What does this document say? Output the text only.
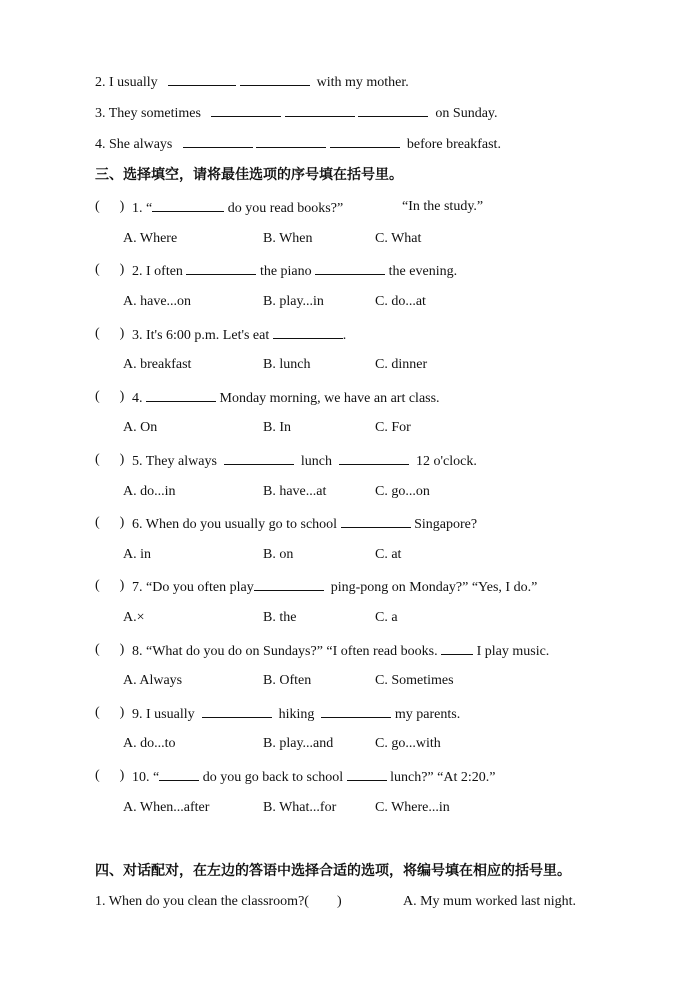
2. I usually	with my mother.
3. They sometimes	on Sunday.
4. She always	before breakfast.
三、选择填空，请将最佳选项的序号填在括号里。
( ) 1. “	do you read books?”	“In the study.”
A. Where	B. When	C. What
( ) 2. I often	the piano	the evening.
A. have...on	B. play...in	C. do...at
( ) 3. It's 6:00 p.m. Let's eat	.
A. breakfast	B. lunch	C. dinner
( ) 4.	Monday morning, we have an art class.
A. On	B. In	C. For
( ) 5. They always	lunch	12 o'clock.
A. do...in	B. have...at	C. go...on
( ) 6. When do you usually go to school	Singapore?
A. in	B. on	C. at
( ) 7. “Do you often play	ping-pong on Monday?” “Yes, I do.”
A.×	B. the	C. a
( ) 8. “What do you do on Sundays?” “I often read books.	I play music.
A. Always	B. Often	C. Sometimes
( ) 9. I usually	hiking	my parents.
A. do...to	B. play...and	C. go...with
( ) 10. “	do you go back to school	lunch?” “At 2:20.”
A. When...after	B. What...for	C. Where...in
四、对话配对，在左边的答语中选择合适的选项，将编号填在相应的括号里。
1. When do you clean the classroom?( )	A. My mum worked last night.
